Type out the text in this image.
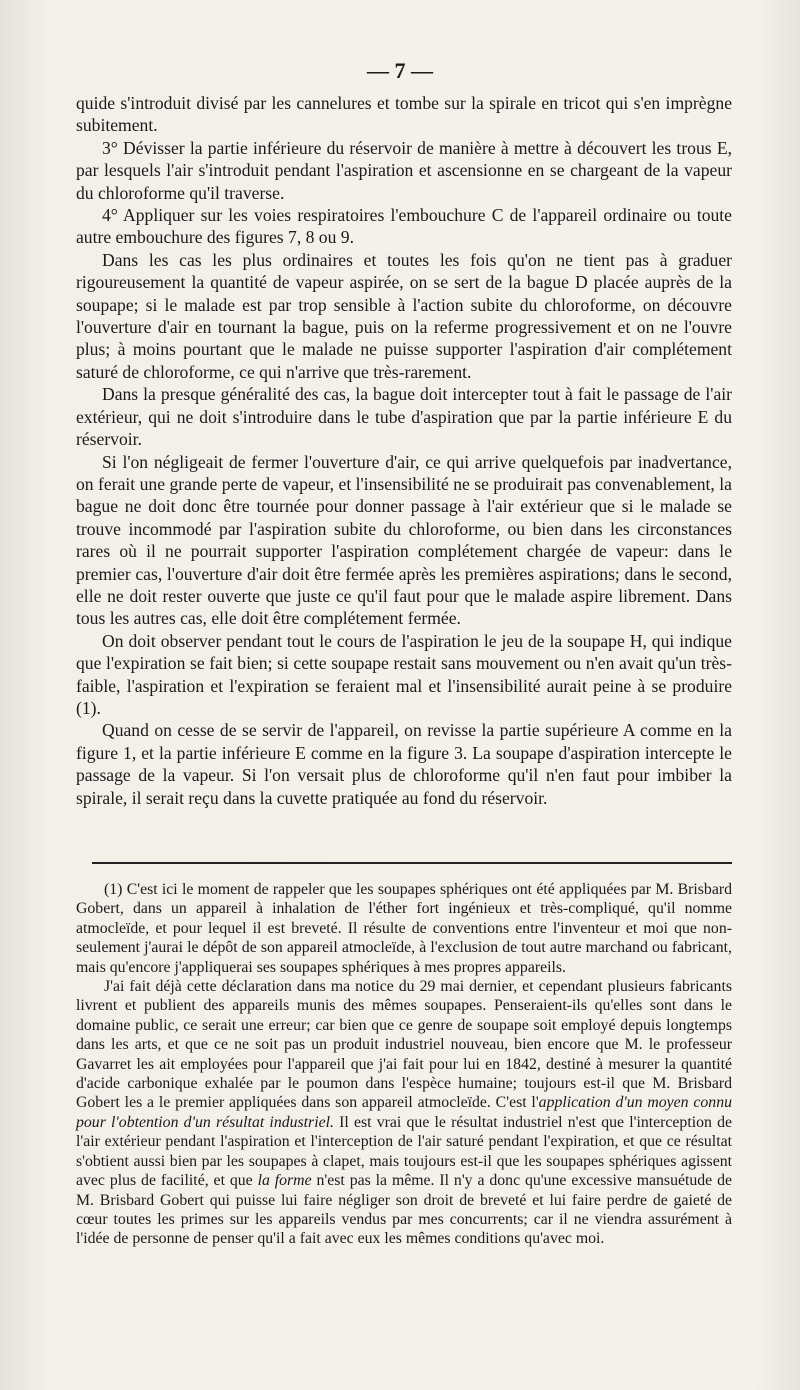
— 7 —

quide s'introduit divisé par les cannelures et tombe sur la spirale en tricot qui s'en imprègne subitement.

3° Dévisser la partie inférieure du réservoir de manière à mettre à découvert les trous E, par lesquels l'air s'introduit pendant l'aspiration et ascensionne en se chargeant de la vapeur du chloroforme qu'il traverse.

4° Appliquer sur les voies respiratoires l'embouchure C de l'appareil ordinaire ou toute autre embouchure des figures 7, 8 ou 9.

Dans les cas les plus ordinaires et toutes les fois qu'on ne tient pas à graduer rigoureusement la quantité de vapeur aspirée, on se sert de la bague D placée auprès de la soupape; si le malade est par trop sensible à l'action subite du chloroforme, on découvre l'ouverture d'air en tournant la bague, puis on la referme progressivement et on ne l'ouvre plus; à moins pourtant que le malade ne puisse supporter l'aspiration d'air complétement saturé de chloroforme, ce qui n'arrive que très-rarement.

Dans la presque généralité des cas, la bague doit intercepter tout à fait le passage de l'air extérieur, qui ne doit s'introduire dans le tube d'aspiration que par la partie inférieure E du réservoir.

Si l'on négligeait de fermer l'ouverture d'air, ce qui arrive quelquefois par inadvertance, on ferait une grande perte de vapeur, et l'insensibilité ne se produirait pas convenablement, la bague ne doit donc être tournée pour donner passage à l'air extérieur que si le malade se trouve incommodé par l'aspiration subite du chloroforme, ou bien dans les circonstances rares où il ne pourrait supporter l'aspiration complétement chargée de vapeur: dans le premier cas, l'ouverture d'air doit être fermée après les premières aspirations; dans le second, elle ne doit rester ouverte que juste ce qu'il faut pour que le malade aspire librement. Dans tous les autres cas, elle doit être complétement fermée.

On doit observer pendant tout le cours de l'aspiration le jeu de la soupape H, qui indique que l'expiration se fait bien; si cette soupape restait sans mouvement ou n'en avait qu'un très-faible, l'aspiration et l'expiration se feraient mal et l'insensibilité aurait peine à se produire (1).

Quand on cesse de se servir de l'appareil, on revisse la partie supérieure A comme en la figure 1, et la partie inférieure E comme en la figure 3. La soupape d'aspiration intercepte le passage de la vapeur. Si l'on versait plus de chloroforme qu'il n'en faut pour imbiber la spirale, il serait reçu dans la cuvette pratiquée au fond du réservoir.

(1) C'est ici le moment de rappeler que les soupapes sphériques ont été appliquées par M. Brisbard Gobert, dans un appareil à inhalation de l'éther fort ingénieux et très-compliqué, qu'il nomme atmocleïde, et pour lequel il est breveté. Il résulte de conventions entre l'inventeur et moi que non-seulement j'aurai le dépôt de son appareil atmocleïde, à l'exclusion de tout autre marchand ou fabricant, mais qu'encore j'appliquerai ses soupapes sphériques à mes propres appareils.

J'ai fait déjà cette déclaration dans ma notice du 29 mai dernier, et cependant plusieurs fabricants livrent et publient des appareils munis des mêmes soupapes. Penseraient-ils qu'elles sont dans le domaine public, ce serait une erreur; car bien que ce genre de soupape soit employé depuis longtemps dans les arts, et que ce ne soit pas un produit industriel nouveau, bien encore que M. le professeur Gavarret les ait employées pour l'appareil que j'ai fait pour lui en 1842, destiné à mesurer la quantité d'acide carbonique exhalée par le poumon dans l'espèce humaine; toujours est-il que M. Brisbard Gobert les a le premier appliquées dans son appareil atmocleïde. C'est l'application d'un moyen connu pour l'obtention d'un résultat industriel. Il est vrai que le résultat industriel n'est que l'interception de l'air extérieur pendant l'aspiration et l'interception de l'air saturé pendant l'expiration, et que ce résultat s'obtient aussi bien par les soupapes à clapet, mais toujours est-il que les soupapes sphériques agissent avec plus de facilité, et que la forme n'est pas la même. Il n'y a donc qu'une excessive mansuétude de M. Brisbard Gobert qui puisse lui faire négliger son droit de breveté et lui faire perdre de gaieté de cœur toutes les primes sur les appareils vendus par mes concurrents; car il ne viendra assurément à l'idée de personne de penser qu'il a fait avec eux les mêmes conditions qu'avec moi.
